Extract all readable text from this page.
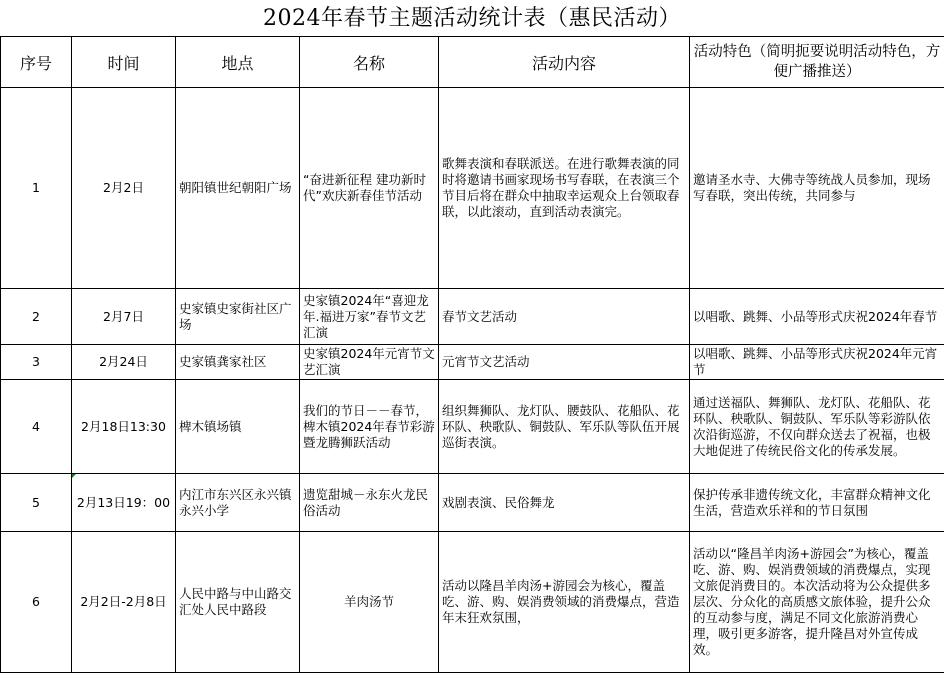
2024年春节主题活动统计表（惠民活动）
序号	时间	地点	名称	活动内容	活动特色（简明扼要说明活动特色，方便广播推送）
1	2月2日	朝阳镇世纪朝阳广场	“奋进新征程 建功新时代”欢庆新春佳节活动	歌舞表演和春联派送。在进行歌舞表演的同时将邀请书画家现场书写春联，在表演三个节目后将在群众中抽取幸运观众上台领取春联，以此滚动，直到活动表演完。	邀请圣水寺、大佛寺等统战人员参加，现场写春联，突出传统，共同参与
2	2月7日	史家镇史家街社区广场	史家镇2024年“喜迎龙年.福进万家”春节文艺汇演	春节文艺活动	以唱歌、跳舞、小品等形式庆祝2024年春节
3	2月24日	史家镇龚家社区	史家镇2024年元宵节文艺汇演	元宵节文艺活动	以唱歌、跳舞、小品等形式庆祝2024年元宵节
4	2月18日13:30	椑木镇场镇	我们的节日－－春节，椑木镇2024年春节彩游暨龙腾狮跃活动	组织舞狮队、龙灯队、腰鼓队、花船队、花环队、秧歌队、铜鼓队、军乐队等队伍开展巡街表演。	通过送福队、舞狮队、龙灯队、花船队、花环队、秧歌队、铜鼓队、军乐队等彩游队依次沿街巡游，不仅向群众送去了祝福，也极大地促进了传统民俗文化的传承发展。
5	2月13日19：00	内江市东兴区永兴镇永兴小学	遗览甜城－永东火龙民俗活动	戏剧表演、民俗舞龙	保护传承非遗传统文化，丰富群众精神文化生活，营造欢乐祥和的节日氛围
6	2月2日-2月8日	人民中路与中山路交汇处人民中路段	羊肉汤节	活动以隆昌羊肉汤+游园会为核心，覆盖吃、游、购、娱消费领域的消费爆点，营造年末狂欢氛围，	活动以“隆昌羊肉汤+游园会”为核心，覆盖吃、游、购、娱消费领域的消费爆点，实现文旅促消费目的。本次活动将为公众提供多层次、分众化的高质感文旅体验，提升公众的互动参与度，满足不同文化旅游消费心理，吸引更多游客，提升隆昌对外宣传成效。
